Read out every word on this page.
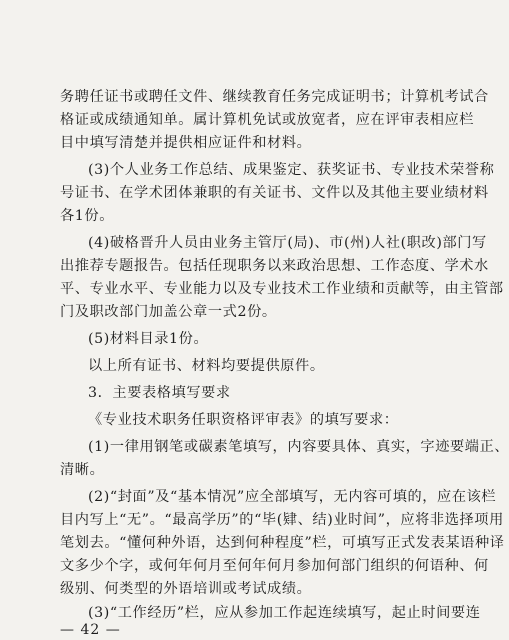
务聘任证书或聘任文件、继续教育任务完成证明书；计算机考试合
格证或成绩通知单。属计算机免试或放宽者，应在评审表相应栏
目中填写清楚并提供相应证件和材料。
(3)个人业务工作总结、成果鉴定、获奖证书、专业技术荣誉称
号证书、在学术团体兼职的有关证书、文件以及其他主要业绩材料
各1份。
(4)破格晋升人员由业务主管厅(局)、市(州)人社(职改)部门写
出推荐专题报告。包括任现职务以来政治思想、工作态度、学术水
平、专业水平、专业能力以及专业技术工作业绩和贡献等，由主管部
门及职改部门加盖公章一式2份。
(5)材料目录1份。
以上所有证书、材料均要提供原件。
3．主要表格填写要求
《专业技术职务任职资格评审表》的填写要求：
(1)一律用钢笔或碳素笔填写，内容要具体、真实，字迹要端正、
清晰。
(2)“封面”及“基本情况”应全部填写，无内容可填的，应在该栏
目内写上“无”。“最高学历”的“毕(肄、结)业时间”，应将非选择项用
笔划去。“懂何种外语，达到何种程度”栏，可填写正式发表某语种译
文多少个字，或何年何月至何年何月参加何部门组织的何语种、何
级别、何类型的外语培训或考试成绩。
(3)“工作经历”栏，应从参加工作起连续填写，起止时间要连
— 42 —
